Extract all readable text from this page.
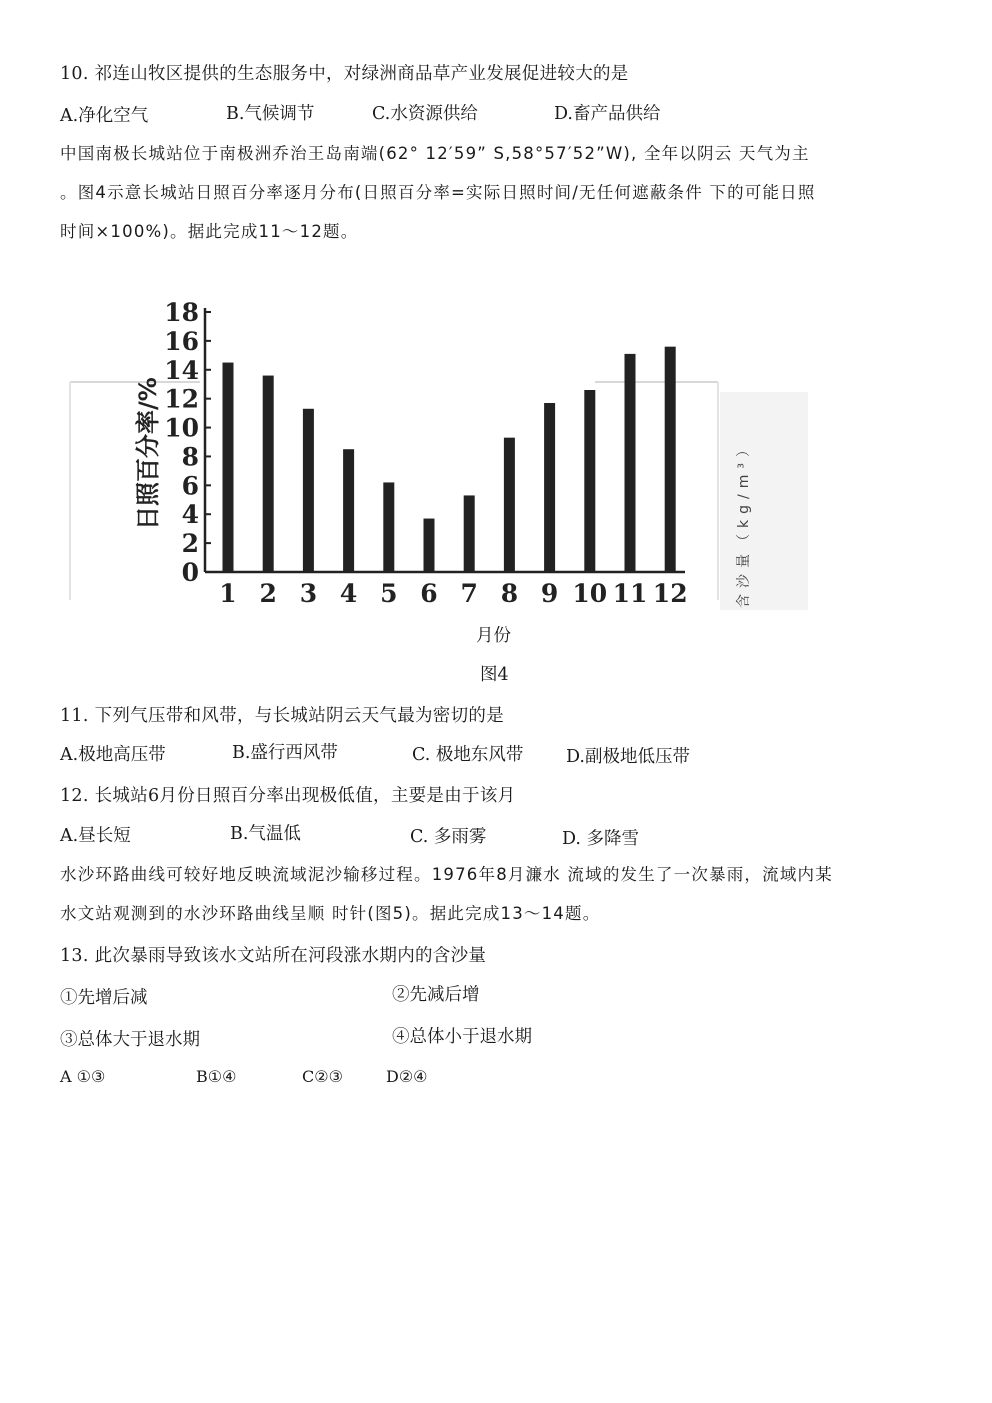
10. 祁连山牧区提供的生态服务中，对绿洲商品草产业发展促进较大的是
A.净化空气	B.气候调节	C.水资源供给	D.畜产品供给

中国南极长城站位于南极洲乔治王岛南端(62° 12′59” S,58°57′52”W), 全年以阴云 天气为主

。图4示意长城站日照百分率逐月分布(日照百分率=实际日照时间/无任何遮蔽条件 下的可能日照

时间×100%)。据此完成11～12题。

含沙量（kg/m³）
日照百分率/%
0
2
4
6
8
10
12
14
16
18
1 2 3 4 5 6 7 8 9 10 11 12
月份
图4
11. 下列气压带和风带，与长城站阴云天气最为密切的是
A.极地高压带	B.盛行西风带	C. 极地东风带 D.副极地低压带
12. 长城站6月份日照百分率出现极低值，主要是由于该月
A.昼长短	B.气温低	C. 多雨雾	D. 多降雪

水沙环路曲线可较好地反映流域泥沙输移过程。1976年8月濂水 流域的发生了一次暴雨，流域内某

水文站观测到的水沙环路曲线呈顺 时针(图5)。据此完成13～14题。

13. 此次暴雨导致该水文站所在河段涨水期内的含沙量
①先增后减	②先减后增
③总体大于退水期	④总体小于退水期
A ①③	B①④	C②③	D②④
